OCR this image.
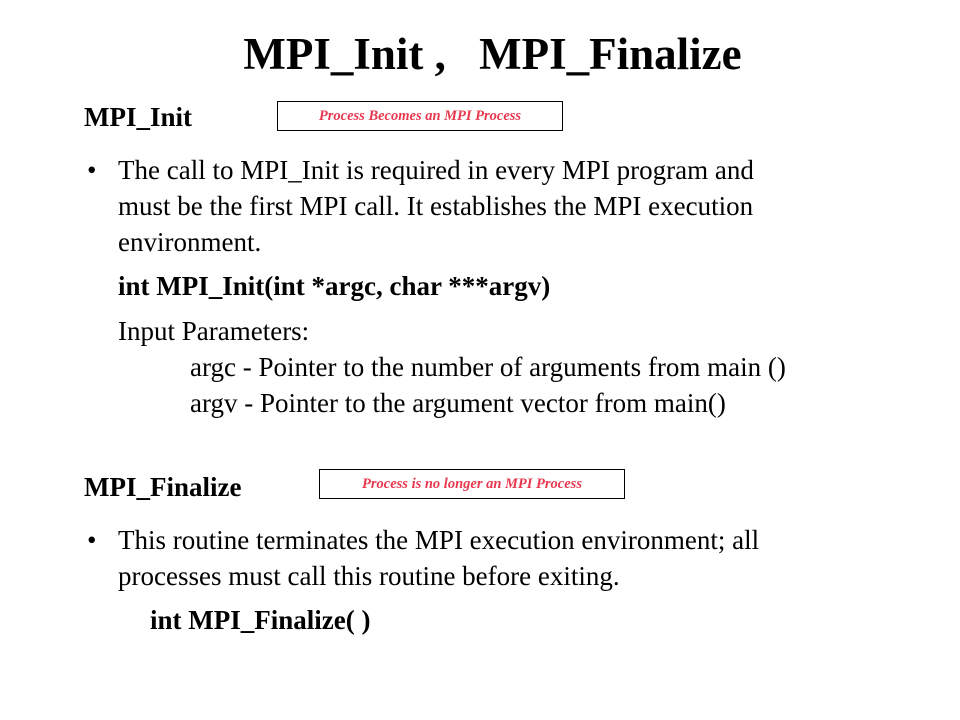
MPI_Init , MPI_Finalize
MPI_Init	Process Becomes an MPI Process
• The call to MPI_Init is required in every MPI program and
must be the first MPI call. It establishes the MPI execution
environment.
int MPI_Init(int *argc, char ***argv)
Input Parameters:
argc - Pointer to the number of arguments from main ()
argv - Pointer to the argument vector from main()
MPI_Finalize	Process is no longer an MPI Process
• This routine terminates the MPI execution environment; all
processes must call this routine before exiting.
int MPI_Finalize( )
